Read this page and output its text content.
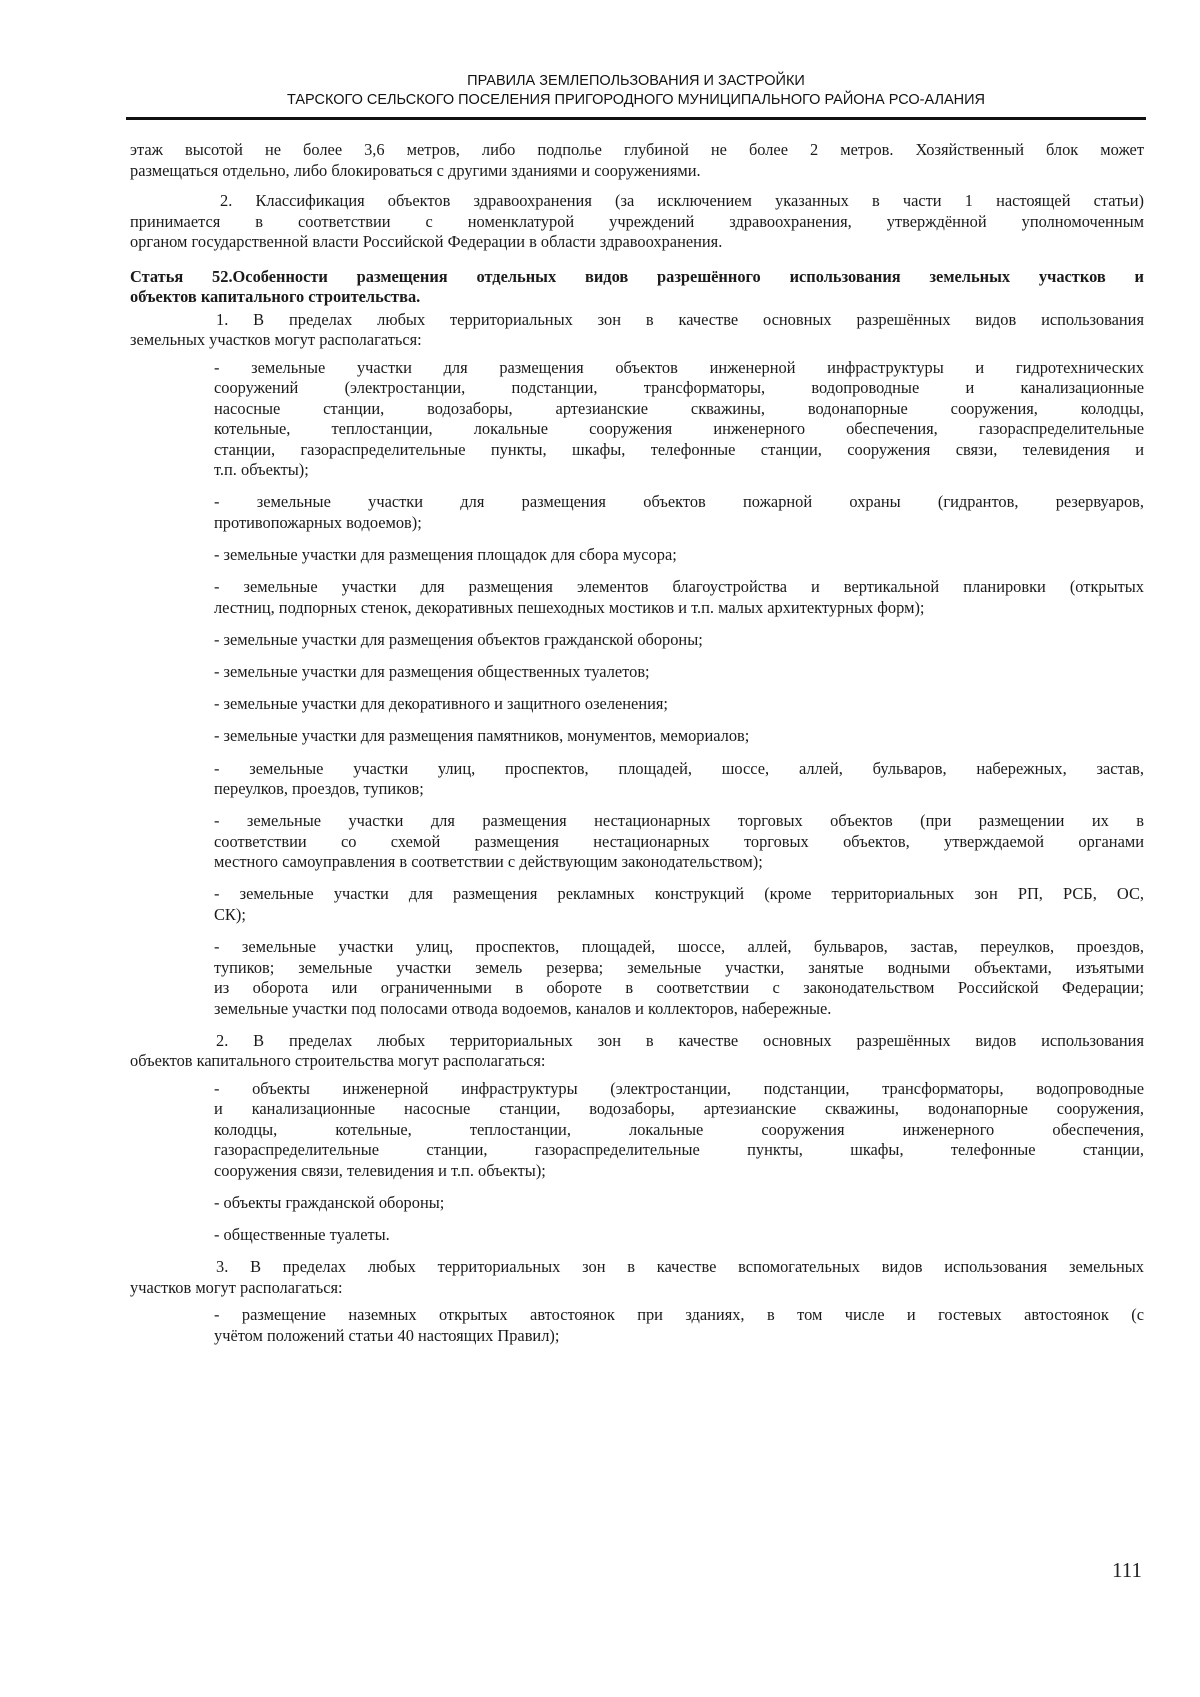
ПРАВИЛА ЗЕМЛЕПОЛЬЗОВАНИЯ И ЗАСТРОЙКИ
ТАРСКОГО СЕЛЬСКОГО ПОСЕЛЕНИЯ ПРИГОРОДНОГО МУНИЦИПАЛЬНОГО РАЙОНА РСО-АЛАНИЯ
этаж высотой не более 3,6 метров, либо подполье глубиной не более 2 метров. Хозяйственный блок может
размещаться отдельно, либо блокироваться с другими зданиями и сооружениями.
2. Классификация объектов здравоохранения (за исключением указанных в части 1 настоящей статьи)
принимается в соответствии с номенклатурой учреждений здравоохранения, утверждённой уполномоченным
органом государственной власти Российской Федерации в области здравоохранения.
Статья 52.Особенности размещения отдельных видов разрешённого использования земельных участков и
объектов капитального строительства.
1. В пределах любых территориальных зон в качестве основных разрешённых видов использования
земельных участков могут располагаться:
- земельные участки для размещения объектов инженерной инфраструктуры и гидротехнических
сооружений (электростанции, подстанции, трансформаторы, водопроводные и канализационные
насосные станции, водозаборы, артезианские скважины, водонапорные сооружения, колодцы,
котельные, теплостанции, локальные сооружения инженерного обеспечения, газораспределительные
станции, газораспределительные пункты, шкафы, телефонные станции, сооружения связи, телевидения и
т.п. объекты);
- земельные участки для размещения объектов пожарной охраны (гидрантов, резервуаров,
противопожарных водоемов);
- земельные участки для размещения площадок для сбора мусора;
- земельные участки для размещения элементов благоустройства и вертикальной планировки (открытых
лестниц, подпорных стенок, декоративных пешеходных мостиков и т.п. малых архитектурных форм);
- земельные участки для размещения объектов гражданской обороны;
- земельные участки для размещения общественных туалетов;
- земельные участки для декоративного и защитного озеленения;
- земельные участки для размещения памятников, монументов, мемориалов;
- земельные участки улиц, проспектов, площадей, шоссе, аллей, бульваров, набережных, застав,
переулков, проездов, тупиков;
- земельные участки для размещения нестационарных торговых объектов (при размещении их в
соответствии со схемой размещения нестационарных торговых объектов, утверждаемой органами
местного самоуправления в соответствии с действующим законодательством);
- земельные участки для размещения рекламных конструкций (кроме территориальных зон РП, РСБ, ОС,
СК);
- земельные участки улиц, проспектов, площадей, шоссе, аллей, бульваров, застав, переулков, проездов,
тупиков; земельные участки земель резерва; земельные участки, занятые водными объектами, изъятыми
из оборота или ограниченными в обороте в соответствии с законодательством Российской Федерации;
земельные участки под полосами отвода водоемов, каналов и коллекторов, набережные.
2. В пределах любых территориальных зон в качестве основных разрешённых видов использования
объектов капитального строительства могут располагаться:
- объекты инженерной инфраструктуры (электростанции, подстанции, трансформаторы, водопроводные
и канализационные насосные станции, водозаборы, артезианские скважины, водонапорные сооружения,
колодцы, котельные, теплостанции, локальные сооружения инженерного обеспечения,
газораспределительные станции, газораспределительные пункты, шкафы, телефонные станции,
сооружения связи, телевидения и т.п. объекты);
- объекты гражданской обороны;
- общественные туалеты.
3. В пределах любых территориальных зон в качестве вспомогательных видов использования земельных
участков могут располагаться:
- размещение наземных открытых автостоянок при зданиях, в том числе и гостевых автостоянок (с
учётом положений статьи 40 настоящих Правил);
111
